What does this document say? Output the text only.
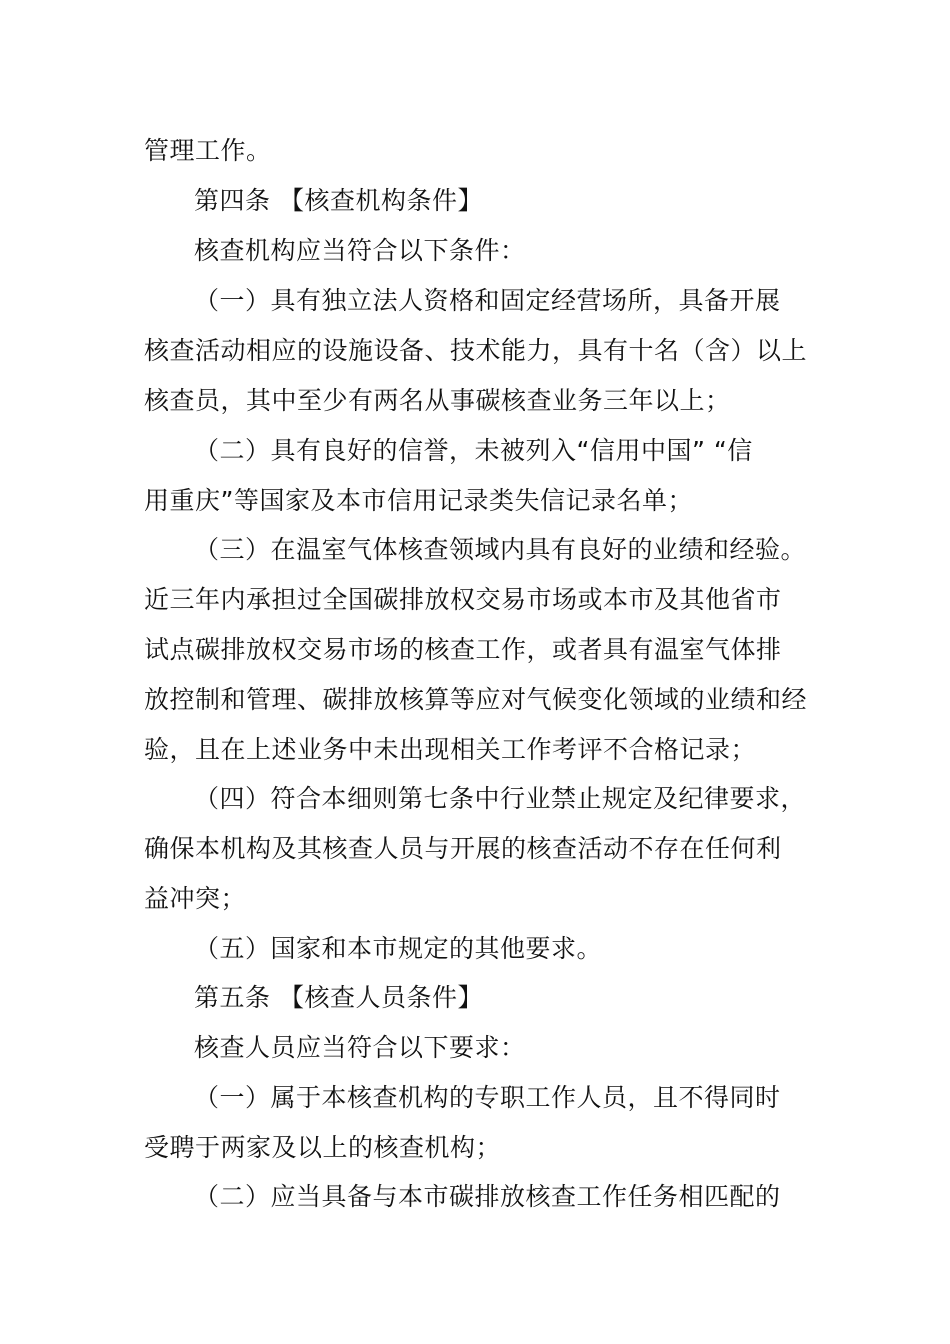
管理工作。
第四条 【核查机构条件】
核查机构应当符合以下条件：
（一）具有独立法人资格和固定经营场所，具备开展
核查活动相应的设施设备、技术能力，具有十名（含）以上
核查员，其中至少有两名从事碳核查业务三年以上；
（二）具有良好的信誉，未被列入“信用中国” “信
用重庆”等国家及本市信用记录类失信记录名单；
（三）在温室气体核查领域内具有良好的业绩和经验。
近三年内承担过全国碳排放权交易市场或本市及其他省市
试点碳排放权交易市场的核查工作，或者具有温室气体排
放控制和管理、碳排放核算等应对气候变化领域的业绩和经
验，且在上述业务中未出现相关工作考评不合格记录；
（四）符合本细则第七条中行业禁止规定及纪律要求，
确保本机构及其核查人员与开展的核查活动不存在任何利
益冲突；
（五）国家和本市规定的其他要求。
第五条 【核查人员条件】
核查人员应当符合以下要求：
（一）属于本核查机构的专职工作人员，且不得同时
受聘于两家及以上的核查机构；
（二）应当具备与本市碳排放核查工作任务相匹配的
